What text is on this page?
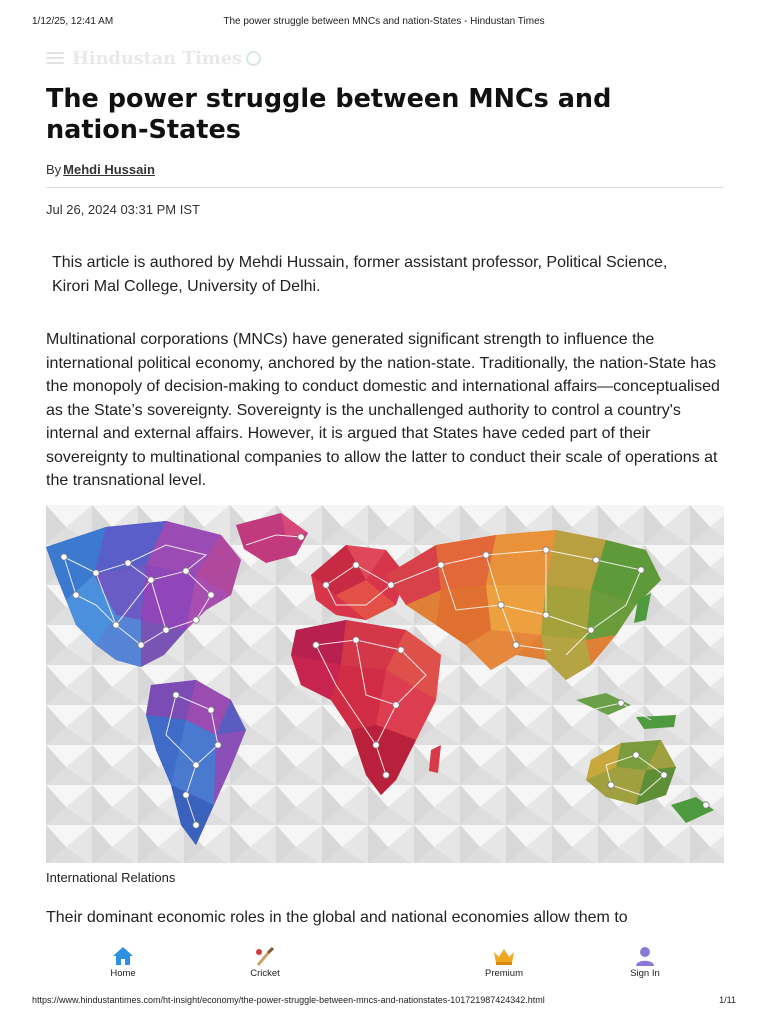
1/12/25, 12:41 AM	The power struggle between MNCs and nation-States - Hindustan Times
Hindustan Times
The power struggle between MNCs and nation-States
By Mehdi Hussain
Jul 26, 2024 03:31 PM IST

This article is authored by Mehdi Hussain, former assistant professor, Political Science, Kirori Mal College, University of Delhi.

Multinational corporations (MNCs) have generated significant strength to influence the international political economy, anchored by the nation-state. Traditionally, the nation-State has the monopoly of decision-making to conduct domestic and international affairs—conceptualised as the State’s sovereignty. Sovereignty is the unchallenged authority to control a country's internal and external affairs. However, it is argued that States have ceded part of their sovereignty to multinational companies to allow the latter to conduct their scale of operations at the transnational level.

International Relations

Their dominant economic roles in the global and national economies allow them to

Home	Cricket	Premium	Sign In
https://www.hindustantimes.com/ht-insight/economy/the-power-struggle-between-mncs-and-nationstates-101721987424342.html	1/11
